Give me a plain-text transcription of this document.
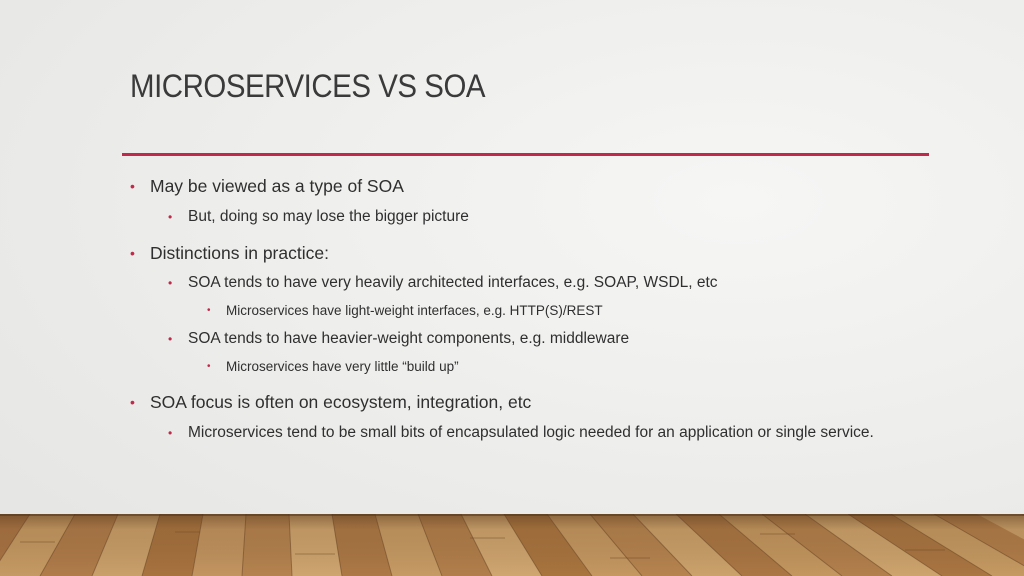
MICROSERVICES VS SOA
• May be viewed as a type of SOA
• But, doing so may lose the bigger picture
• Distinctions in practice:
• SOA tends to have very heavily architected interfaces, e.g. SOAP, WSDL, etc
• Microservices have light-weight interfaces, e.g. HTTP(S)/REST
• SOA tends to have heavier-weight components, e.g. middleware
• Microservices have very little “build up”
• SOA focus is often on ecosystem, integration, etc
• Microservices tend to be small bits of encapsulated logic needed for an application or single service.
